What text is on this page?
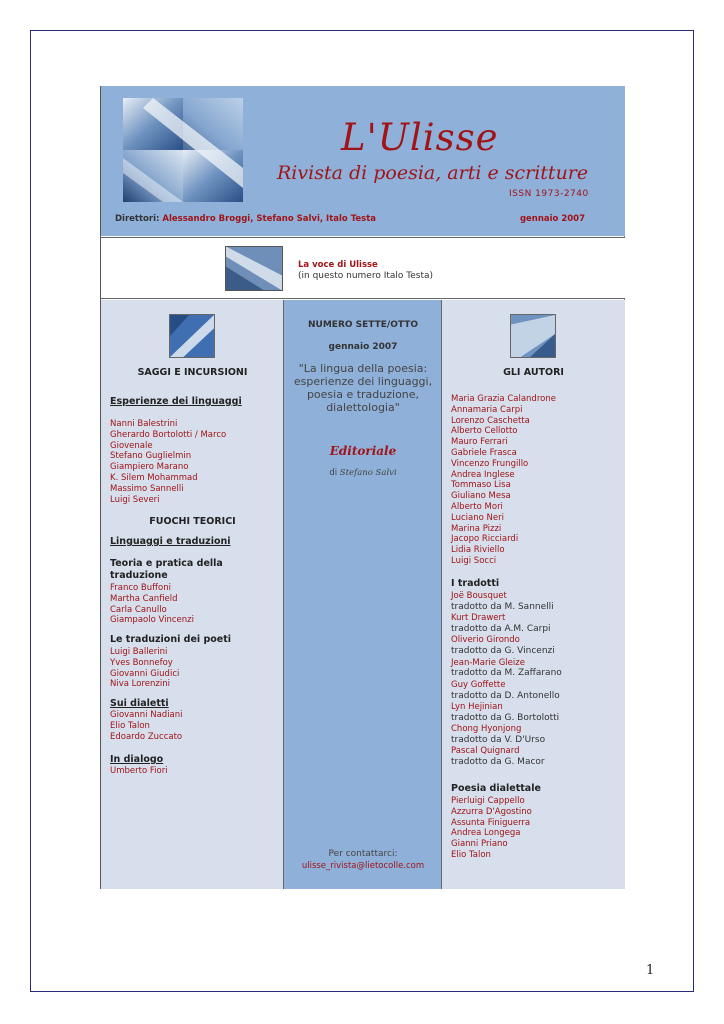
L'Ulisse
Rivista di poesia, arti e scritture
ISSN 1973-2740
Direttori: Alessandro Broggi, Stefano Salvi, Italo Testa	gennaio 2007
La voce di Ulisse
(in questo numero Italo Testa)
SAGGI E INCURSIONI
Esperienze dei linguaggi
Nanni Balestrini
Gherardo Bortolotti / Marco
Giovenale
Stefano Guglielmin
Giampiero Marano
K. Silem Mohammad
Massimo Sannelli
Luigi Severi
FUOCHI TEORICI
Linguaggi e traduzioni
Teoria e pratica della
traduzione
Franco Buffoni
Martha Canfield
Carla Canullo
Giampaolo Vincenzi
Le traduzioni dei poeti
Luigi Ballerini
Yves Bonnefoy
Giovanni Giudici
Niva Lorenzini
Sui dialetti
Giovanni Nadiani
Elio Talon
Edoardo Zuccato
In dialogo
Umberto Fiori
NUMERO SETTE/OTTO
gennaio 2007
"La lingua della poesia: esperienze dei linguaggi, poesia e traduzione, dialettologia"
Editoriale
di Stefano Salvi
Per contattarci:
ulisse_rivista@lietocolle.com
GLI AUTORI
Maria Grazia Calandrone
Annamaria Carpi
Lorenzo Caschetta
Alberto Cellotto
Mauro Ferrari
Gabriele Frasca
Vincenzo Frungillo
Andrea Inglese
Tommaso Lisa
Giuliano Mesa
Alberto Mori
Luciano Neri
Marina Pizzi
Jacopo Ricciardi
Lidia Riviello
Luigi Socci
I tradotti
Joë Bousquet
tradotto da M. Sannelli
Kurt Drawert
tradotto da A.M. Carpi
Oliverio Girondo
tradotto da G. Vincenzi
Jean-Marie Gleize
tradotto da M. Zaffarano
Guy Goffette
tradotto da D. Antonello
Lyn Hejinian
tradotto da G. Bortolotti
Chong Hyonjong
tradotto da V. D'Urso
Pascal Quignard
tradotto da G. Macor
Poesia dialettale
Pierluigi Cappello
Azzurra D'Agostino
Assunta Finiguerra
Andrea Longega
Gianni Priano
Elio Talon
1
